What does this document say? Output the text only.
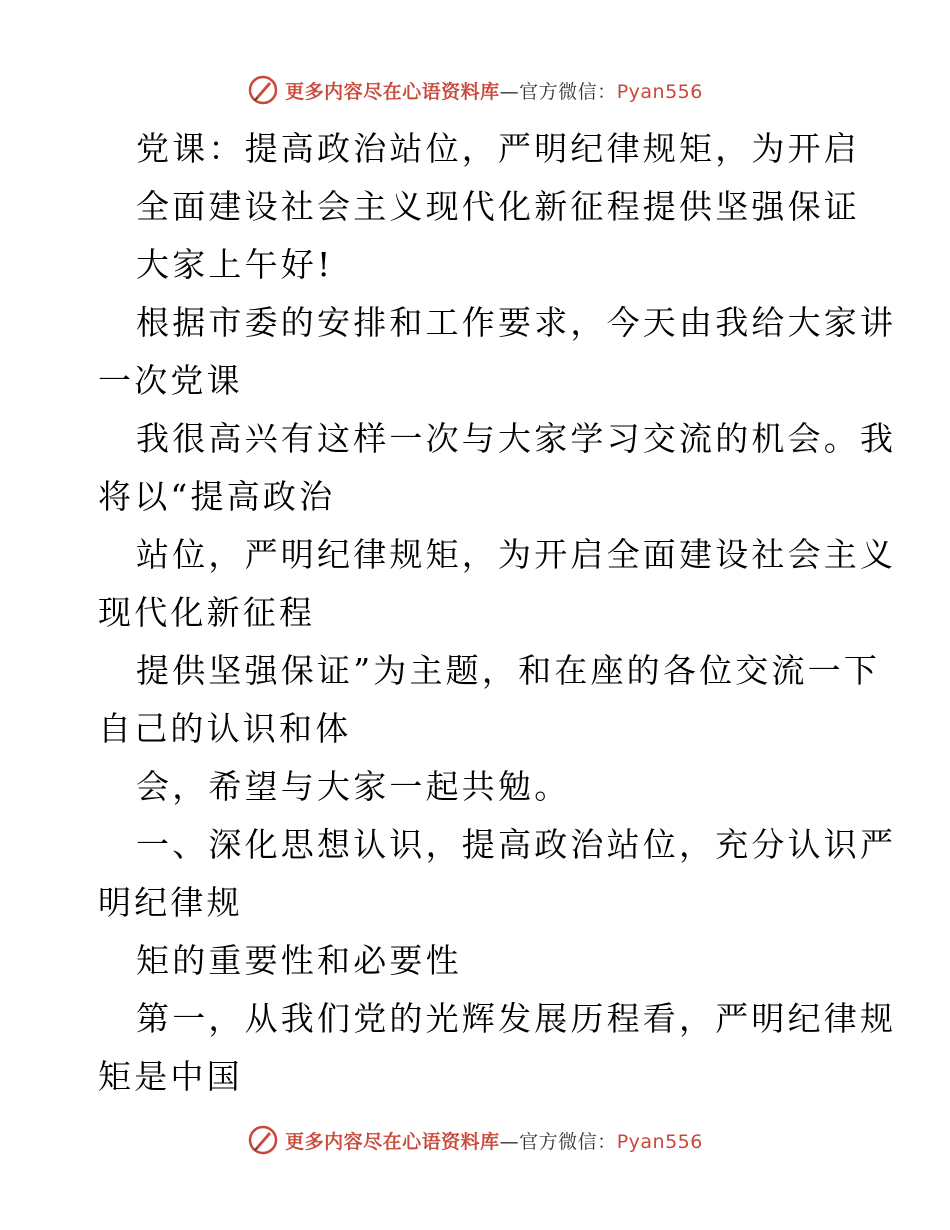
更多内容尽在心语资料库—官方微信：Pyan556
党课：提高政治站位，严明纪律规矩，为开启
全面建设社会主义现代化新征程提供坚强保证
大家上午好!
根据市委的安排和工作要求，今天由我给大家讲
一次党课
我很高兴有这样一次与大家学习交流的机会。我
将以“提高政治
站位，严明纪律规矩，为开启全面建设社会主义
现代化新征程
提供坚强保证”为主题，和在座的各位交流一下
自己的认识和体
会，希望与大家一起共勉。
一、深化思想认识，提高政治站位，充分认识严
明纪律规
矩的重要性和必要性
第一，从我们党的光辉发展历程看，严明纪律规
矩是中国
更多内容尽在心语资料库—官方微信：Pyan556
